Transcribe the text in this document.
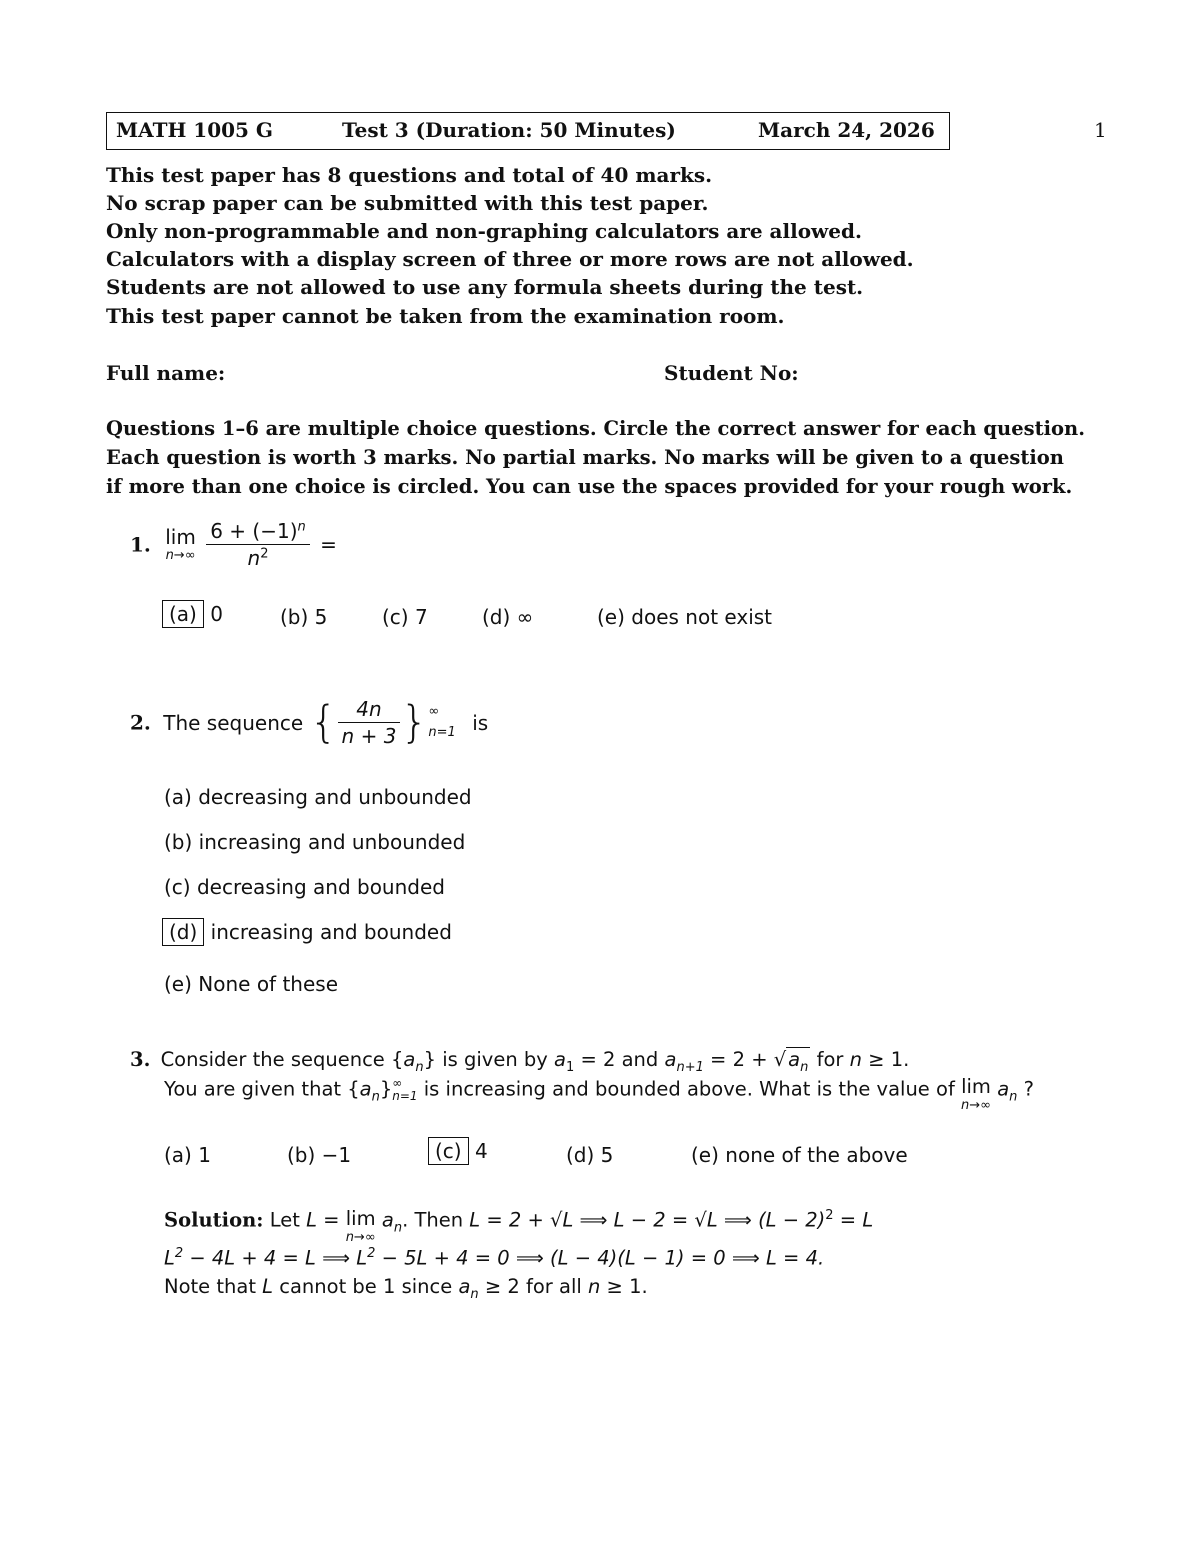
MATH 1005 G	Test 3 (Duration: 50 Minutes)	March 24, 2026	1
This test paper has 8 questions and total of 40 marks.
No scrap paper can be submitted with this test paper.
Only non-programmable and non-graphing calculators are allowed.
Calculators with a display screen of three or more rows are not allowed.
Students are not allowed to use any formula sheets during the test.
This test paper cannot be taken from the examination room.
Full name:	Student No:
Questions 1–6 are multiple choice questions. Circle the correct answer for each question.
Each question is worth 3 marks. No partial marks. No marks will be given to a question
if more than one choice is circled. You can use the spaces provided for your rough work.
1. lim
n→∞
$\frac{6 + (-1)^n}{n^2}$ =
(a) 0	(b) 5	(c) 7	(d) ∞	(e) does not exist
2. The sequence { $\frac{4n}{n + 3}$ } ∞
n=1 is
(a) decreasing and unbounded
(b) increasing and unbounded
(c) decreasing and bounded
(d) increasing and bounded
(e) None of these
3. Consider the sequence $\{a_n\}$ is given by $a_1 = 2$ and $a_{n+1} = 2$ + √ $a_n$ for n ≥ 1.
You are given that $\{a_n\}$ ∞
n=1 is increasing and bounded above. What is the value of lim
n→∞
$a_n$ ?
(a) 1	(b) −1	(c) 4	(d) 5	(e) none of the above
Solution: Let L = lim
n→∞
$a_n$. Then L = 2 + √L ⟹ L − 2 = √L ⟹ $(L - 2)^2 = L$
$L^2 - 4L + 4 = L$ ⟹ $L^2 - 5L + 4 = 0$ ⟹ (L − 4)(L − 1) = 0 ⟹ L = 4.
Note that L cannot be 1 since $a_n \ge 2$ for all n ≥ 1.
